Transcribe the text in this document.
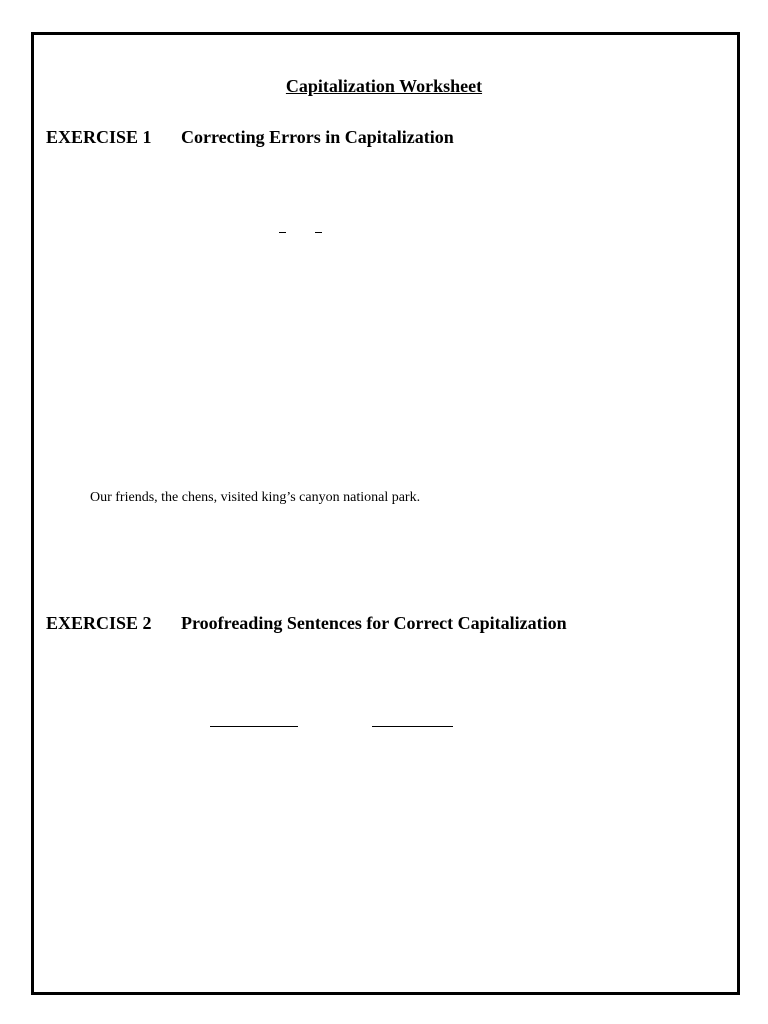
Capitalization Worksheet
EXERCISE 1 Correcting Errors in Capitalization
Our friends, the chens, visited king’s canyon national park.
EXERCISE 2 Proofreading Sentences for Correct Capitalization
